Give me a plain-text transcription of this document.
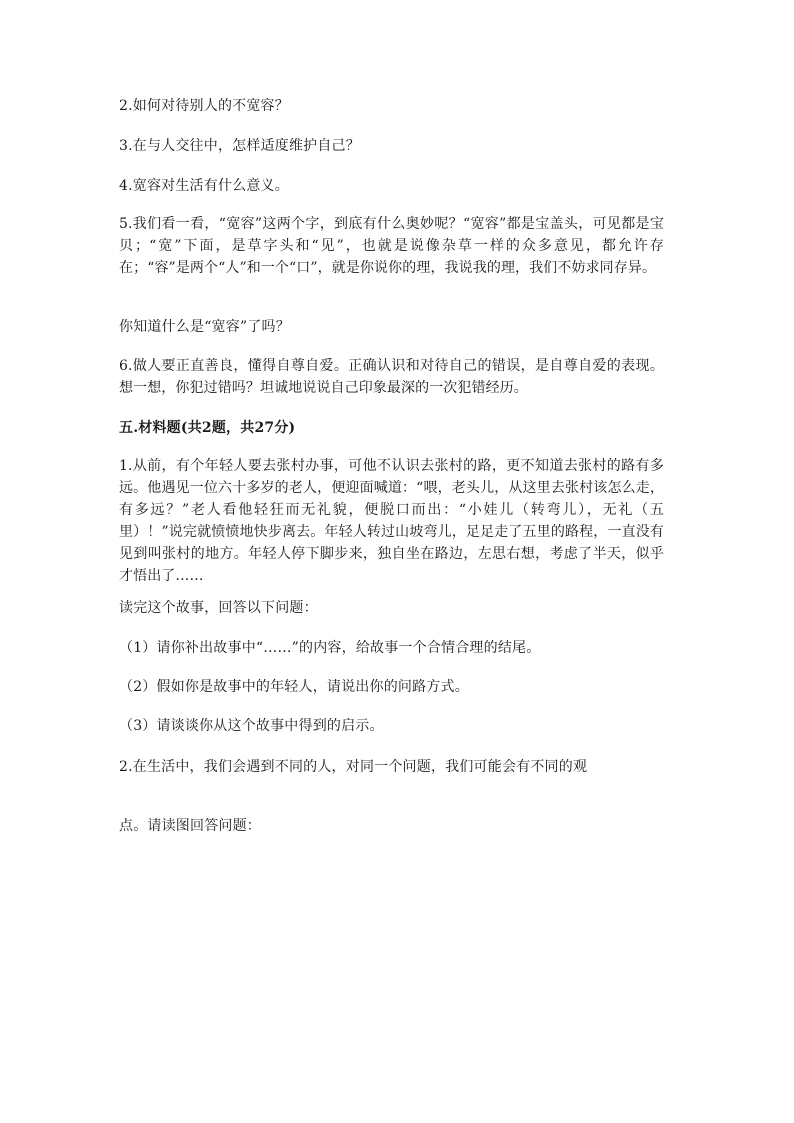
2.如何对待别人的不宽容？
3.在与人交往中，怎样适度维护自己？
4.宽容对生活有什么意义。
5.我们看一看，“宽容”这两个字，到底有什么奥妙呢？“宽容”都是宝盖头，可见都是宝贝；“宽”下面，是草字头和“见”，也就是说像杂草一样的众多意见，都允许存在；“容”是两个“人”和一个“口”，就是你说你的理，我说我的理，我们不妨求同存异。
你知道什么是“宽容”了吗？
6.做人要正直善良，懂得自尊自爱。正确认识和对待自己的错误，是自尊自爱的表现。想一想，你犯过错吗？坦诚地说说自己印象最深的一次犯错经历。
五.材料题(共2题，共27分)
1.从前，有个年轻人要去张村办事，可他不认识去张村的路，更不知道去张村的路有多远。他遇见一位六十多岁的老人，便迎面喊道：“喂，老头儿，从这里去张村该怎么走，有多远？”老人看他轻狂而无礼貌，便脱口而出：“小娃儿（转弯儿），无礼（五里）！”说完就愤愤地快步离去。年轻人转过山坡弯儿，足足走了五里的路程，一直没有见到叫张村的地方。年轻人停下脚步来，独自坐在路边，左思右想，考虑了半天，似乎才悟出了……
读完这个故事，回答以下问题：
（1）请你补出故事中“……”的内容，给故事一个合情合理的结尾。
（2）假如你是故事中的年轻人，请说出你的问路方式。
（3）请谈谈你从这个故事中得到的启示。
2.在生活中，我们会遇到不同的人，对同一个问题，我们可能会有不同的观
点。请读图回答问题：
